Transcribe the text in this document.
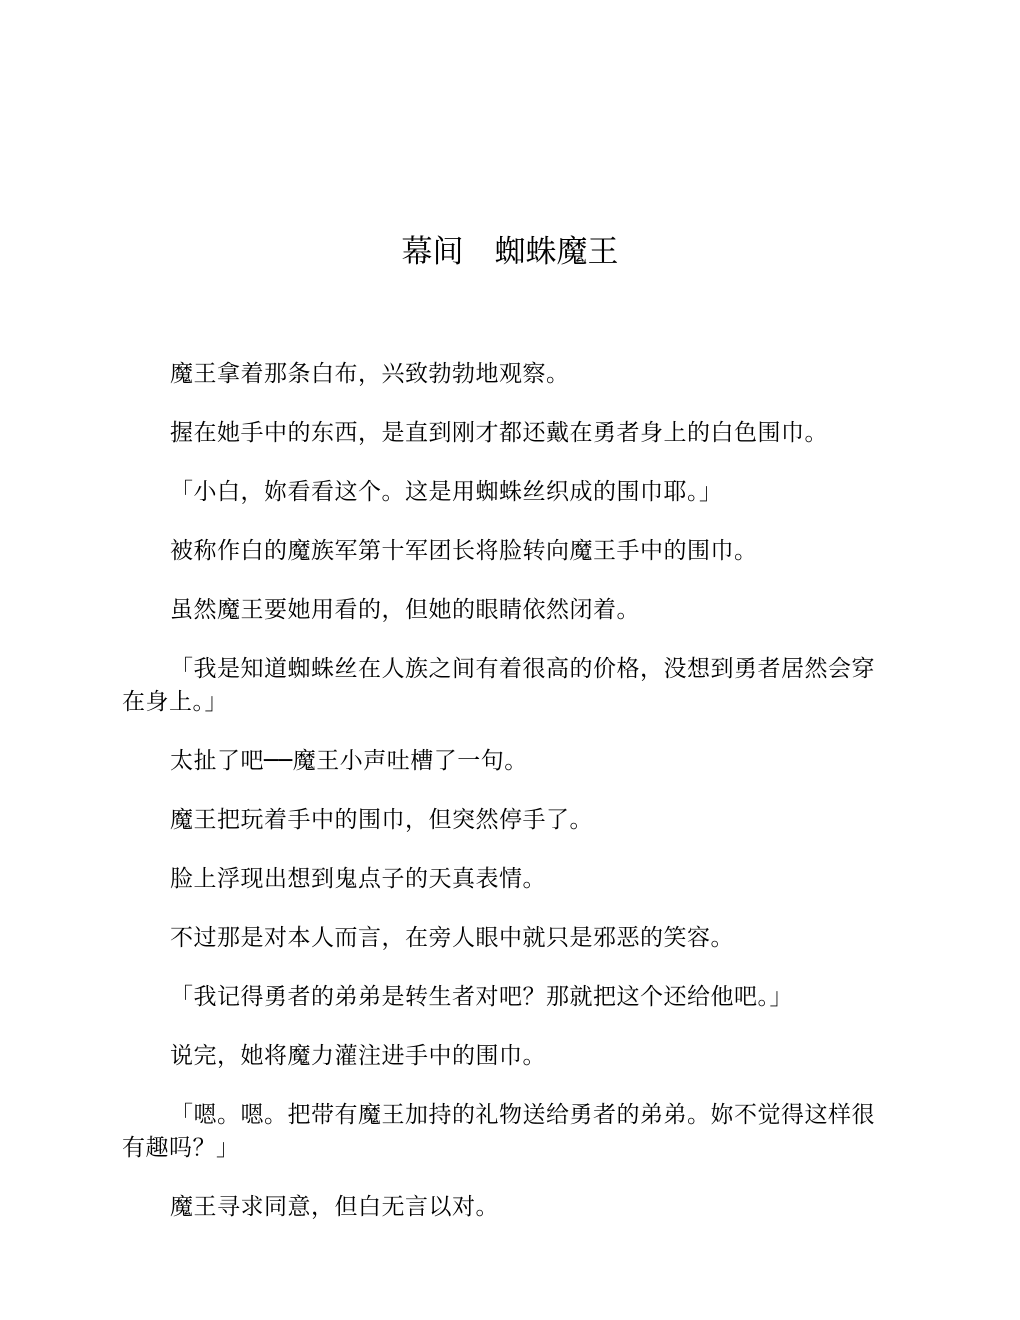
幕间　蜘蛛魔王

魔王拿着那条白布，兴致勃勃地观察。

握在她手中的东西，是直到刚才都还戴在勇者身上的白色围巾。

「小白，妳看看这个。这是用蜘蛛丝织成的围巾耶。」

被称作白的魔族军第十军团长将脸转向魔王手中的围巾。

虽然魔王要她用看的，但她的眼睛依然闭着。

「我是知道蜘蛛丝在人族之间有着很高的价格，没想到勇者居然会穿在身上。」

太扯了吧──魔王小声吐槽了一句。

魔王把玩着手中的围巾，但突然停手了。

脸上浮现出想到鬼点子的天真表情。

不过那是对本人而言，在旁人眼中就只是邪恶的笑容。

「我记得勇者的弟弟是转生者对吧？那就把这个还给他吧。」

说完，她将魔力灌注进手中的围巾。

「嗯。嗯。把带有魔王加持的礼物送给勇者的弟弟。妳不觉得这样很有趣吗？」

魔王寻求同意，但白无言以对。
